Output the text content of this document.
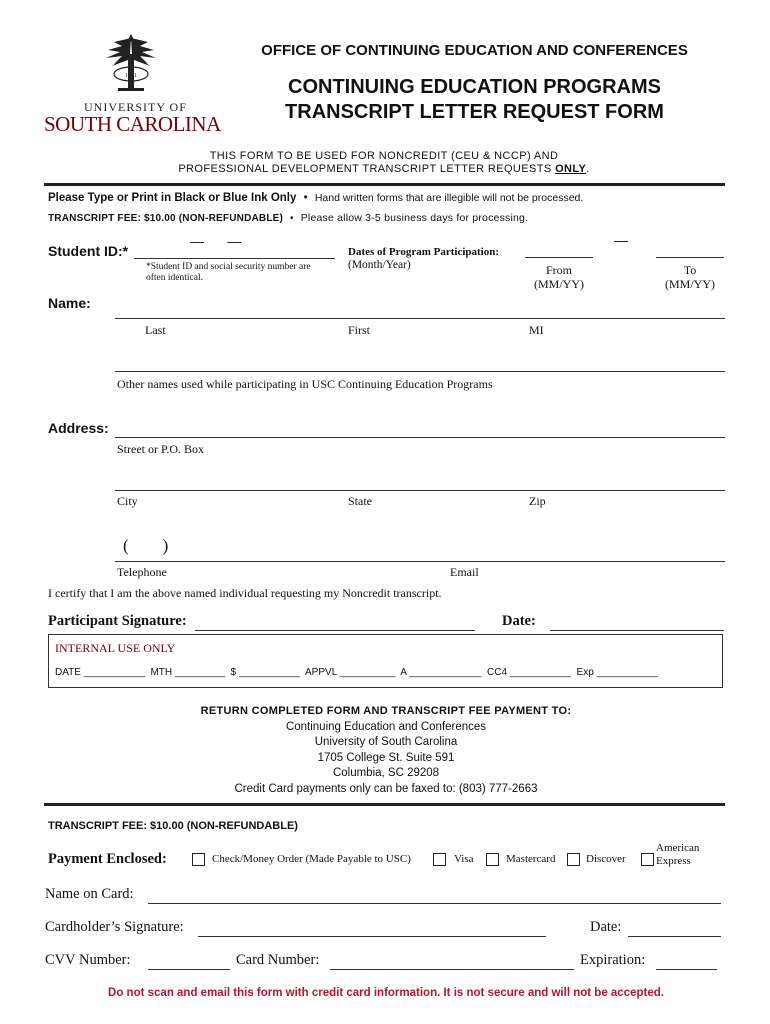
1801
UNIVERSITY OF
SOUTH CAROLINA
OFFICE OF CONTINUING EDUCATION AND CONFERENCES
CONTINUING EDUCATION PROGRAMS
TRANSCRIPT LETTER REQUEST FORM
THIS FORM TO BE USED FOR NONCREDIT (CEU & NCCP) AND
PROFESSIONAL DEVELOPMENT TRANSCRIPT LETTER REQUESTS ONLY.
Please Type or Print in Black or Blue Ink Only • Hand written forms that are illegible will not be processed.
TRANSCRIPT FEE: $10.00 (NON-REFUNDABLE) • Please allow 3-5 business days for processing.
Student ID:*
—      —
*Student ID and social security number are often identical.
Dates of Program Participation:
—
(Month/Year)	From
(MM/YY)
To
(MM/YY)
Name:
Last	First	MI
Other names used while participating in USC Continuing Education Programs
Address:
Street or P.O. Box
City	State	Zip
(        )
Telephone	Email
I certify that I am the above named individual requesting my Noncredit transcript.
Participant Signature:	Date:
INTERNAL USE ONLY
DATE ___________  MTH _________  $ ___________  APPVL __________  A _____________  CC4 ___________  Exp ___________
RETURN COMPLETED FORM AND TRANSCRIPT FEE PAYMENT TO:
Continuing Education and Conferences
University of South Carolina
1705 College St. Suite 591
Columbia, SC 29208
Credit Card payments only can be faxed to: (803) 777-2663
TRANSCRIPT FEE: $10.00 (NON-REFUNDABLE)
Payment Enclosed:	Check/Money Order (Made Payable to USC)	Visa	Mastercard	Discover
American
Express
Name on Card:
Cardholder’s Signature:	Date:
CVV Number:	Card Number:	Expiration:
Do not scan and email this form with credit card information. It is not secure and will not be accepted.
